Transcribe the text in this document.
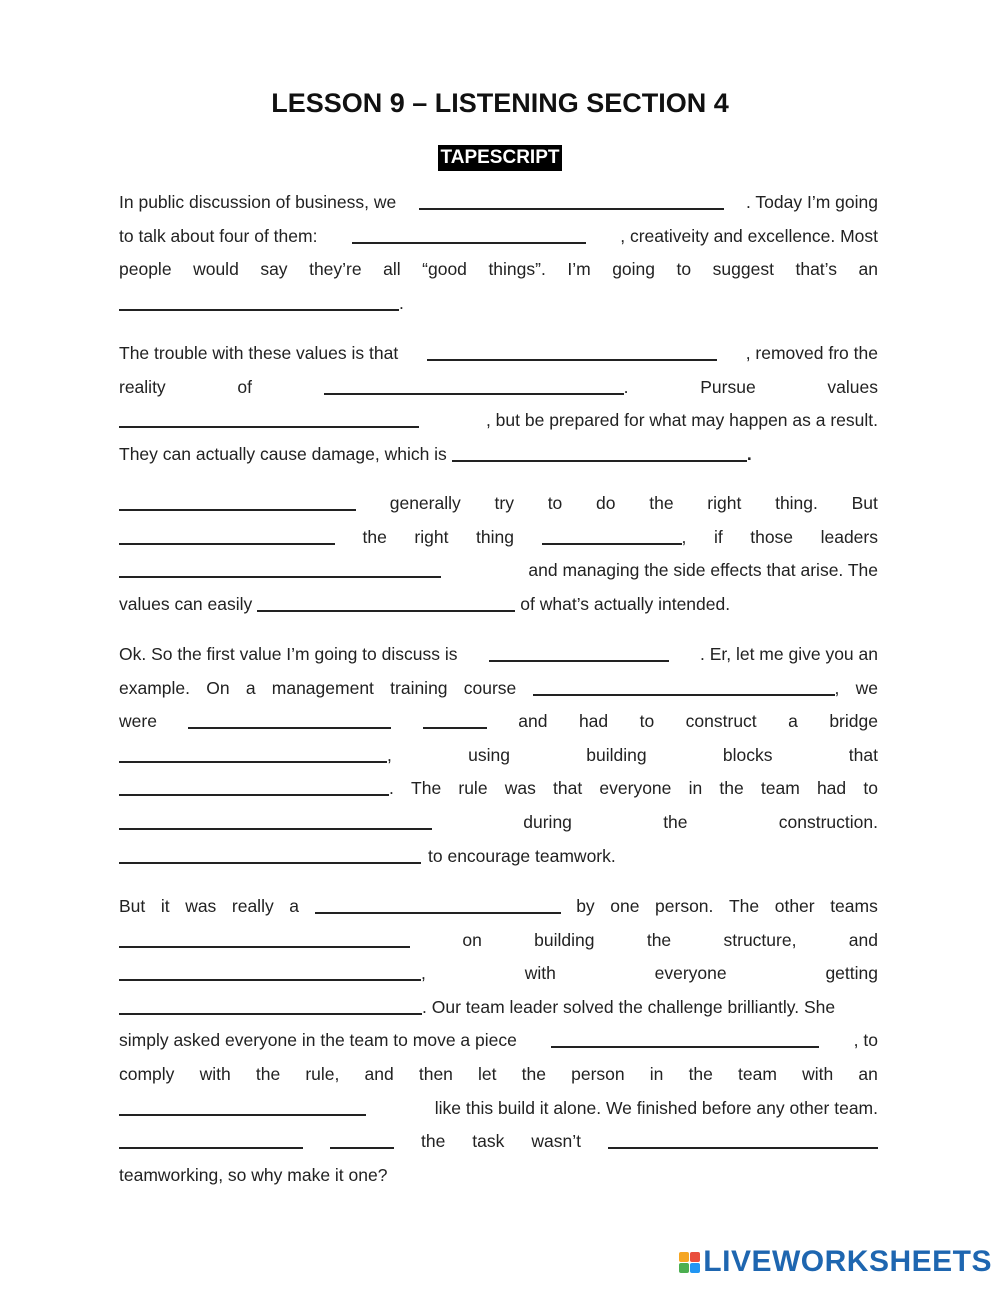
LESSON 9 – LISTENING SECTION 4
TAPESCRIPT
In public discussion of business, we	. Today I’m going
to talk about four of them:	, creativeity and excellence. Most
people would say they’re all “good things”. I’m going to suggest that’s an
.
The trouble with these values is that	, removed fro the
reality	of	.	Pursue	values
, but be prepared for what may happen as a result.
They can actually cause damage, which is	.
generally try to do the right thing. But
the right thing	, if those leaders
and managing the side effects that arise. The
values can easily	of what’s actually intended.
Ok. So the first value I’m going to discuss is	. Er, let me give you an
example. On a management training course	, we
were	and had to construct a bridge
,	using	building	blocks	that
. The rule was that everyone in the team had to
during	the	construction.
to encourage teamwork.
But it was really a	by one person. The other teams
on	building	the	structure,	and
,	with	everyone	getting
. Our team leader solved the challenge brilliantly. She
simply asked everyone in the team to move a piece	, to
comply with the rule, and then let the person in the team with an
like this build it alone. We finished before any other team.
the task wasn’t
teamworking, so why make it one?
LIVEWORKSHEETS
